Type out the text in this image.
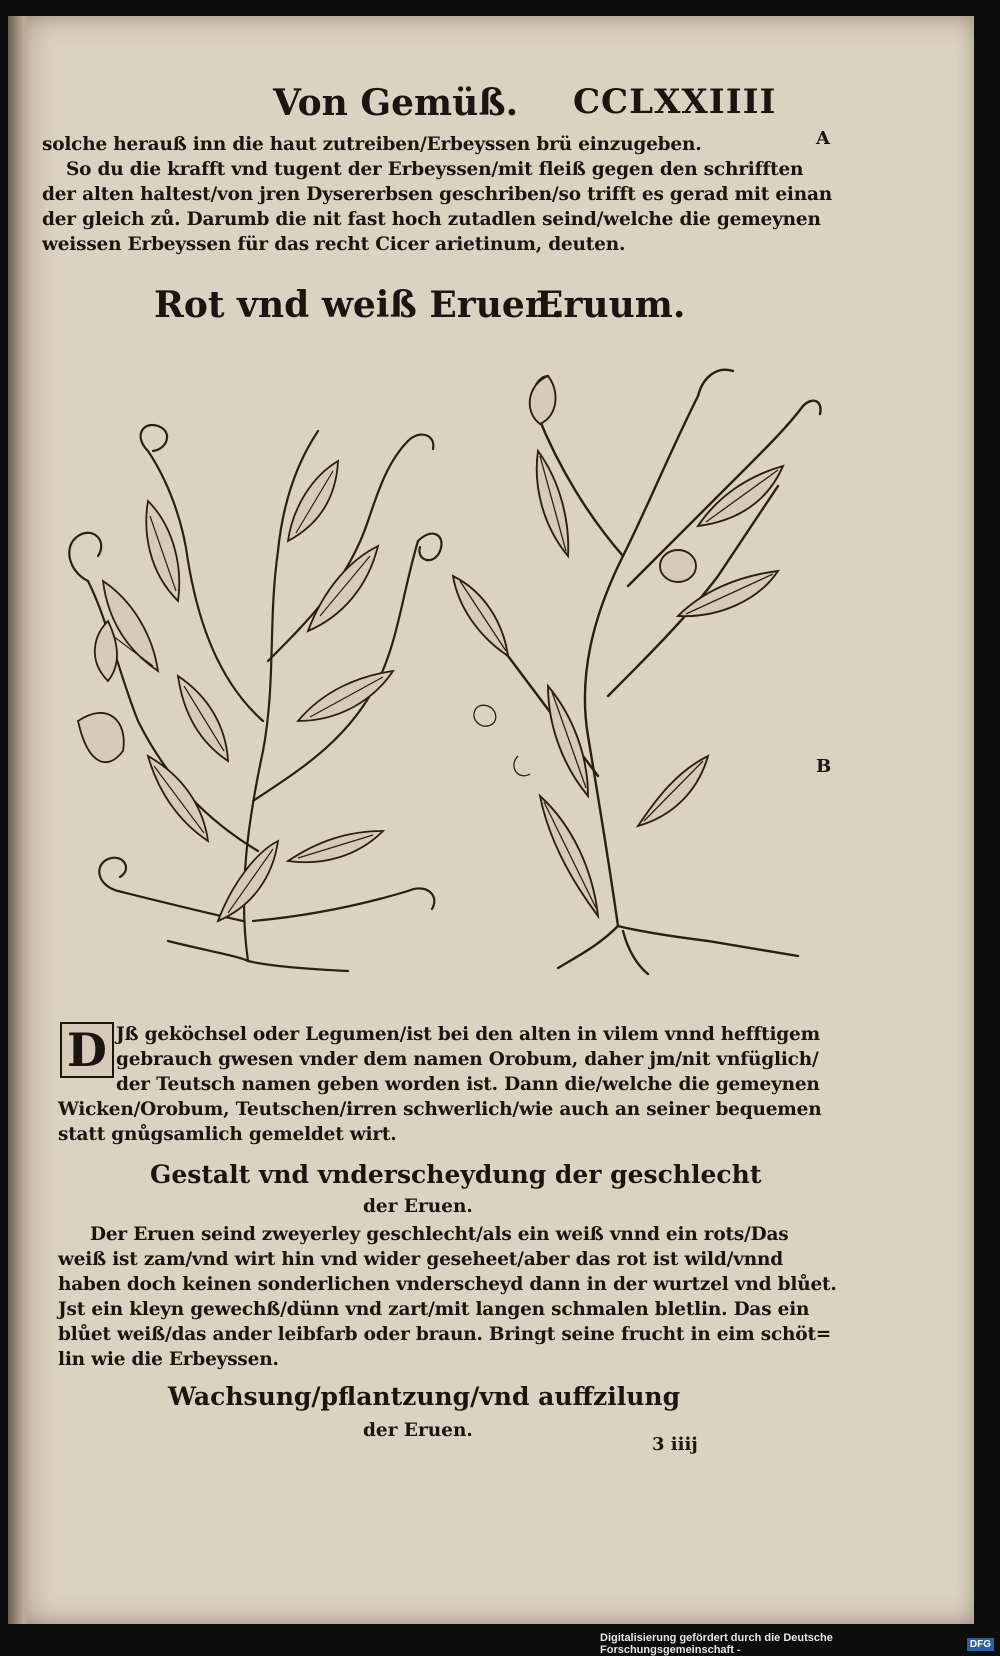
Von Gemüß. CCLXXIIII
A
B
solche herauß inn die haut zutreiben/Erbeyssen brü einzugeben.
So du die krafft vnd tugent der Erbeyssen/mit fleiß gegen den schrifften
der alten haltest/von jren Dysererbsen geschriben/so trifft es gerad mit einan
der gleich zů. Darumb die nit fast hoch zutadlen seind/welche die gemeynen
weissen Erbeyssen für das recht Cicer arietinum, deuten.
Rot vnd weiß Eruen.
Eruum.
D Jß geköchsel oder Legumen/ist bei den alten in vilem vnnd hefftigem
gebrauch gwesen vnder dem namen Orobum, daher jm/nit vnfüglich/
der Teutsch namen geben worden ist. Dann die/welche die gemeynen
Wicken/Orobum, Teutschen/irren schwerlich/wie auch an seiner bequemen
statt gnůgsamlich gemeldet wirt.
Gestalt vnd vnderscheydung der geschlecht
der Eruen.
Der Eruen seind zweyerley geschlecht/als ein weiß vnnd ein rots/Das
weiß ist zam/vnd wirt hin vnd wider geseheet/aber das rot ist wild/vnnd
haben doch keinen sonderlichen vnderscheyd dann in der wurtzel vnd blůet.
Jst ein kleyn gewechß/dünn vnd zart/mit langen schmalen bletlin. Das ein
blůet weiß/das ander leibfarb oder braun. Bringt seine frucht in eim schöt=
lin wie die Erbeyssen.
Wachsung/pflantzung/vnd auffzilung
der Eruen.
3 iiij
Digitalisierung gefördert durch die Deutsche Forschungsgemeinschaft -	DFG
